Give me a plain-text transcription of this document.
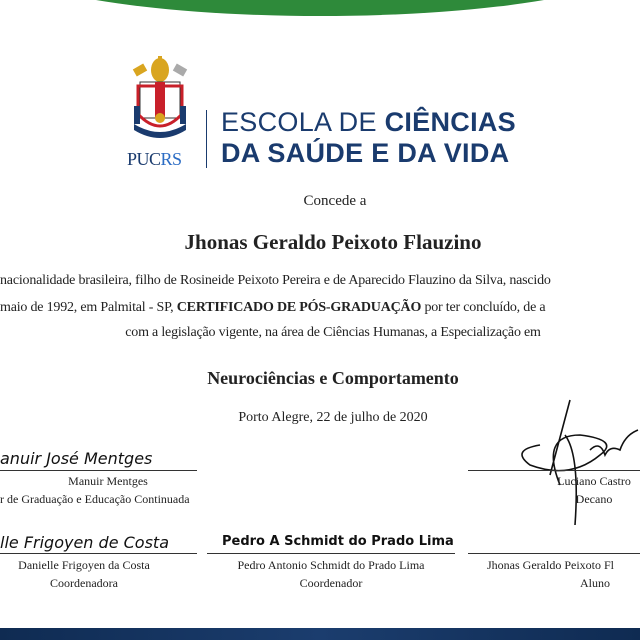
PUCRS
ESCOLA DE CIÊNCIAS
DA SAÚDE E DA VIDA
Concede a
Jhonas Geraldo Peixoto Flauzino
nacionalidade brasileira, filho de Rosineide Peixoto Pereira e de Aparecido Flauzino da Silva, nascido
maio de 1992, em Palmital - SP, CERTIFICADO DE PÓS-GRADUAÇÃO por ter concluído, de a
com a legislação vigente, na área de Ciências Humanas, a Especialização em
Neurociências e Comportamento
Porto Alegre, 22 de julho de 2020
anuir José Mentges
Manuir Mentges
r de Graduação e Educação Continuada
Luciano Castro
Decano
lle Frigoyen de Costa
Danielle Frigoyen da Costa
Coordenadora
Pedro A Schmidt do Prado Lima
Pedro Antonio Schmidt do Prado Lima
Coordenador
Jhonas Geraldo Peixoto Fl
Aluno
